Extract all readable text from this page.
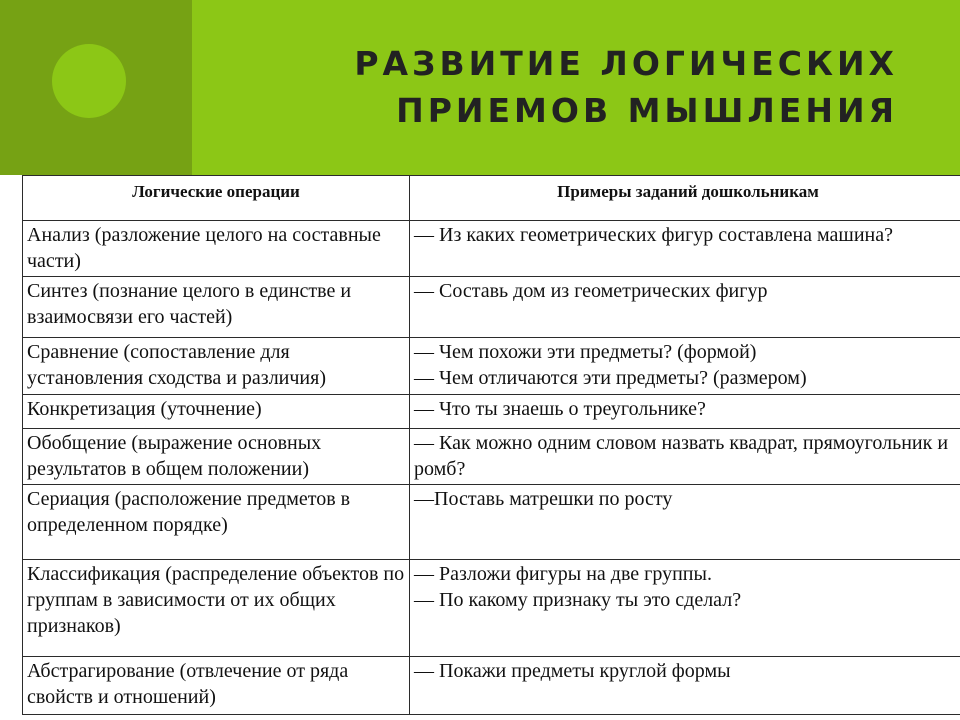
РАЗВИТИЕ ЛОГИЧЕСКИХ
ПРИЕМОВ МЫШЛЕНИЯ
Логические операции	Примеры заданий дошкольникам
Анализ (разложение целого на составные части)	— Из каких геометрических фигур составлена машина?

Синтез (познание целого в единстве и взаимосвязи его частей)	— Составь дом из геометрических фигур

Сравнение (сопоставление для установления сходства и различия)	— Чем похожи эти предметы? (формой)
— Чем отличаются эти предметы? (размером)

Конкретизация (уточнение)	— Что ты знаешь о треугольнике?

Обобщение (выражение основных результатов в общем положении)	— Как можно одним словом назвать квадрат, прямоугольник и ромб?

Сериация (расположение предметов в определенном порядке)	—Поставь матрешки по росту

Классификация (распределение объектов по группам в зависимости от их общих признаков)	— Разложи фигуры на две группы.
— По какому признаку ты это сделал?

Абстрагирование (отвлечение от ряда свойств и отношений)	— Покажи предметы круглой формы
